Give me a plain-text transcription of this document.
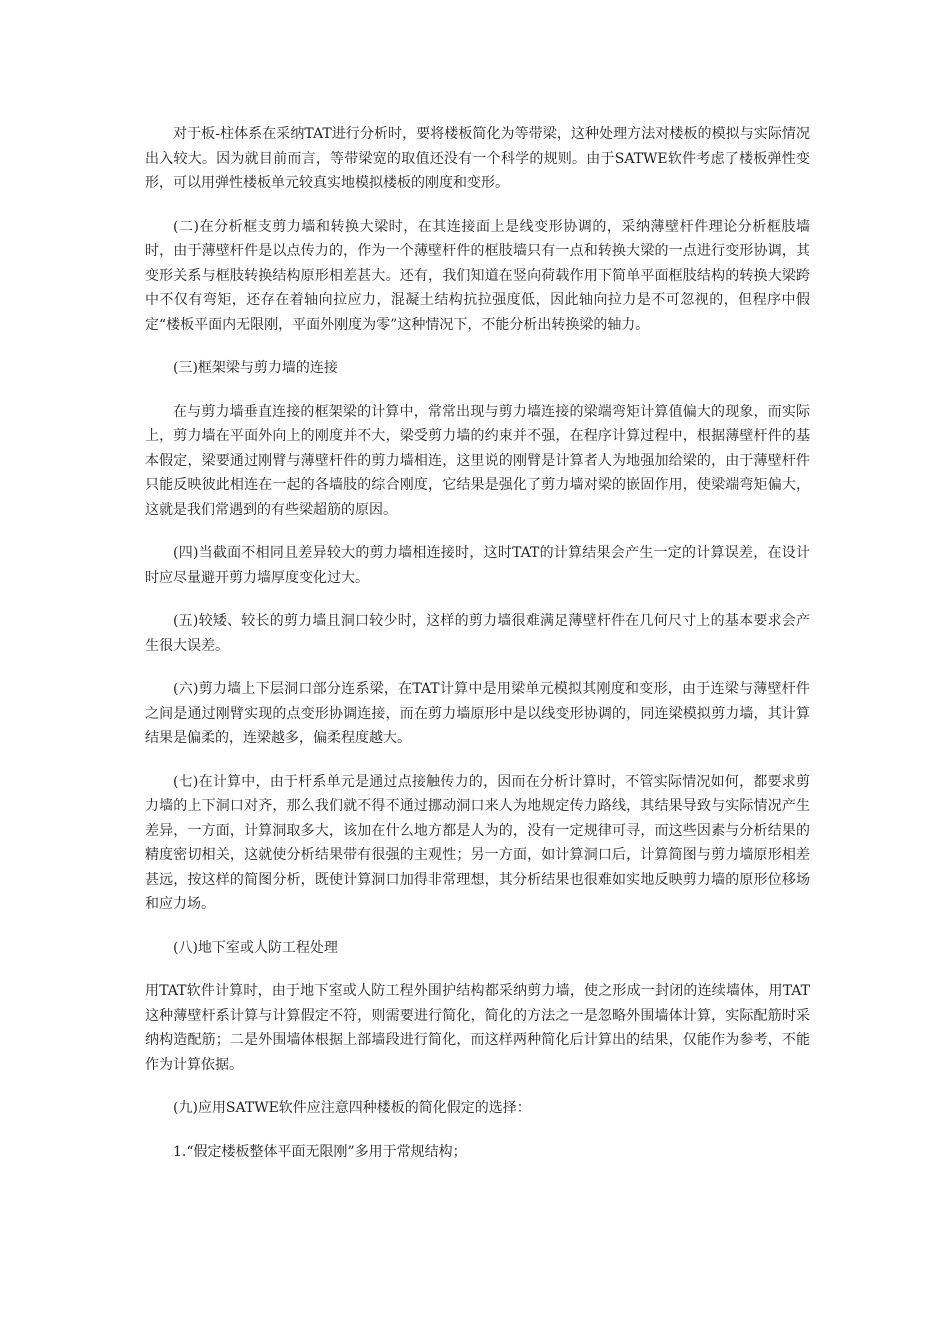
对于板-柱体系在采纳TAT进行分析时，要将楼板简化为等带梁，这种处理方法对楼板的模拟与实际情况出入较大。因为就目前而言，等带梁宽的取值还没有一个科学的规则。由于SATWE软件考虑了楼板弹性变形，可以用弹性楼板单元较真实地模拟楼板的刚度和变形。

(二)在分析框支剪力墙和转换大梁时，在其连接面上是线变形协调的，采纳薄壁杆件理论分析框肢墙时，由于薄壁杆件是以点传力的，作为一个薄壁杆件的框肢墙只有一点和转换大梁的一点进行变形协调，其变形关系与框肢转换结构原形相差甚大。还有，我们知道在竖向荷载作用下简单平面框肢结构的转换大梁跨中不仅有弯矩，还存在着轴向拉应力，混凝土结构抗拉强度低，因此轴向拉力是不可忽视的，但程序中假定“楼板平面内无限刚，平面外刚度为零”这种情况下，不能分析出转换梁的轴力。

(三)框架梁与剪力墙的连接

在与剪力墙垂直连接的框架梁的计算中，常常出现与剪力墙连接的梁端弯矩计算值偏大的现象，而实际上，剪力墙在平面外向上的刚度并不大，梁受剪力墙的约束并不强，在程序计算过程中，根据薄壁杆件的基本假定，梁要通过刚臂与薄壁杆件的剪力墙相连，这里说的刚臂是计算者人为地强加给梁的，由于薄壁杆件只能反映彼此相连在一起的各墙肢的综合刚度，它结果是强化了剪力墙对梁的嵌固作用，使梁端弯矩偏大，这就是我们常遇到的有些梁超筋的原因。

(四)当截面不相同且差异较大的剪力墙相连接时，这时TAT的计算结果会产生一定的计算误差，在设计时应尽量避开剪力墙厚度变化过大。

(五)较矮、较长的剪力墙且洞口较少时，这样的剪力墙很难满足薄壁杆件在几何尺寸上的基本要求会产生很大误差。

(六)剪力墙上下层洞口部分连系梁，在TAT计算中是用梁单元模拟其刚度和变形，由于连梁与薄壁杆件之间是通过刚臂实现的点变形协调连接，而在剪力墙原形中是以线变形协调的，同连梁模拟剪力墙，其计算结果是偏柔的，连梁越多，偏柔程度越大。

(七)在计算中，由于杆系单元是通过点接触传力的，因而在分析计算时，不管实际情况如何，都要求剪力墙的上下洞口对齐，那么我们就不得不通过挪动洞口来人为地规定传力路线，其结果导致与实际情况产生差异，一方面，计算洞取多大，该加在什么地方都是人为的，没有一定规律可寻，而这些因素与分析结果的精度密切相关，这就使分析结果带有很强的主观性；另一方面，如计算洞口后，计算简图与剪力墙原形相差甚远，按这样的简图分析，既使计算洞口加得非常理想，其分析结果也很难如实地反映剪力墙的原形位移场和应力场。

(八)地下室或人防工程处理

用TAT软件计算时，由于地下室或人防工程外围护结构都采纳剪力墙，使之形成一封闭的连续墙体，用TAT这种薄壁杆系计算与计算假定不符，则需要进行简化，简化的方法之一是忽略外围墙体计算，实际配筋时采纳构造配筋；二是外围墙体根据上部墙段进行简化，而这样两种简化后计算出的结果，仅能作为参考，不能作为计算依据。

(九)应用SATWE软件应注意四种楼板的简化假定的选择：

1.“假定楼板整体平面无限刚”多用于常规结构；
